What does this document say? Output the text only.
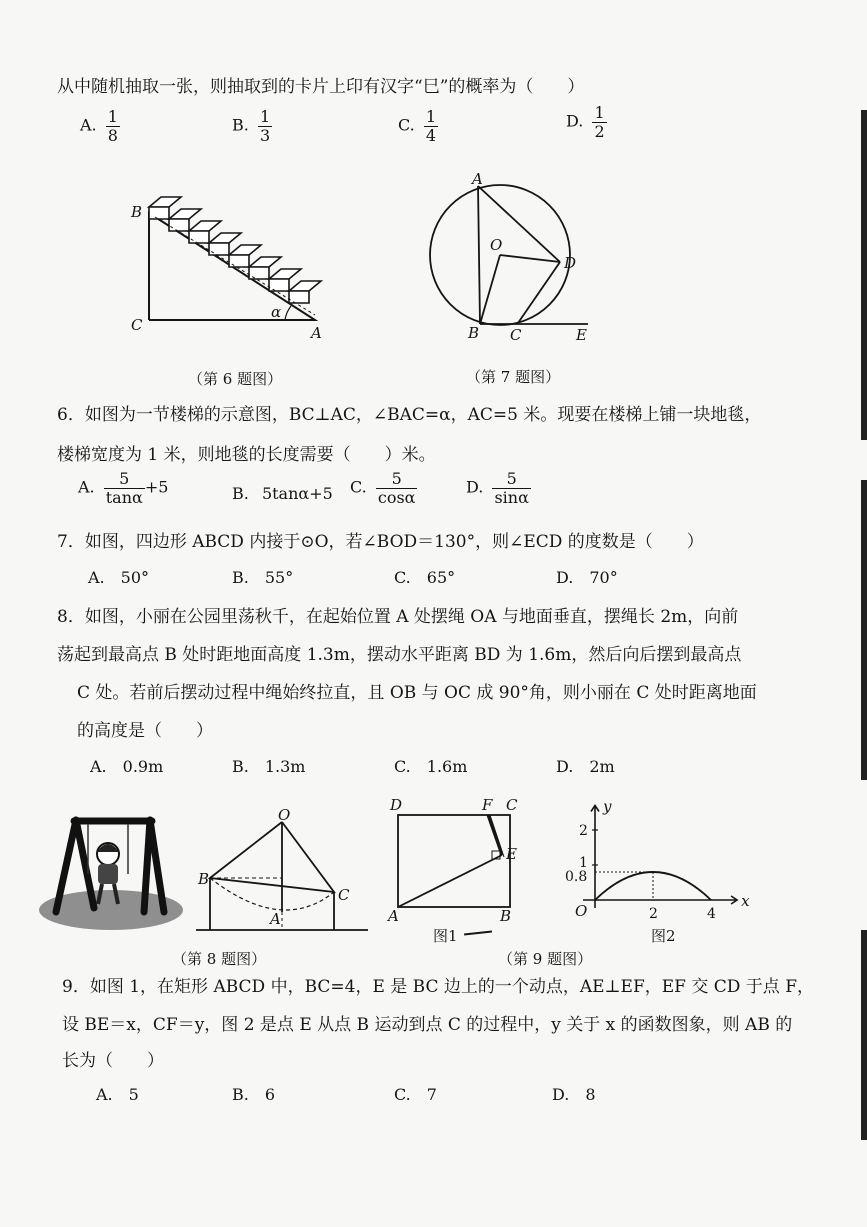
从中随机抽取一张，则抽取到的卡片上印有汉字“巳”的概率为（　　）
A. $\frac{1}{8}$	B. $\frac{1}{3}$	C. $\frac{1}{4}$	D. $\frac{1}{2}$
B
C	A
α
（第 6 题图）
A
O
D
B C	E
（第 7 题图）
6．如图为一节楼梯的示意图，BC⊥AC，∠BAC=α，AC=5 米。现要在楼梯上铺一块地毯，
楼梯宽度为 1 米，则地毯的长度需要（　　）米。
A. $\frac{5}{\tan\alpha} +5$	B. 5tanα+5 C. $\frac{5}{\cos\alpha}$	D. $\frac{5}{\sin\alpha}$
7．如图，四边形 ABCD 内接于⊙O，若∠BOD＝130°，则∠ECD 的度数是（　　）
A.　50°	B.　55°	C.　65°	D.　70°
8．如图，小丽在公园里荡秋千，在起始位置 A 处摆绳 OA 与地面垂直，摆绳长 2m，向前
荡起到最高点 B 处时距地面高度 1.3m，摆动水平距离 BD 为 1.6m，然后向后摆到最高点
C 处。若前后摆动过程中绳始终拉直，且 OB 与 OC 成 90°角，则小丽在 C 处时距离地面
的高度是（　　）
A.　0.9m	B.　1.3m	C.　1.6m	D.　2m
O
B
C
A
（第 8 题图）
D	F C
A	B
E
图1
y
x
O
2
1
0.8
2	4
图2
（第 9 题图）
9．如图 1，在矩形 ABCD 中，BC=4，E 是 BC 边上的一个动点，AE⊥EF，EF 交 CD 于点 F，
设 BE＝x，CF＝y，图 2 是点 E 从点 B 运动到点 C 的过程中，y 关于 x 的函数图象，则 AB 的
长为（　　）
A.　5	B.　6	C.　7	D.　8
